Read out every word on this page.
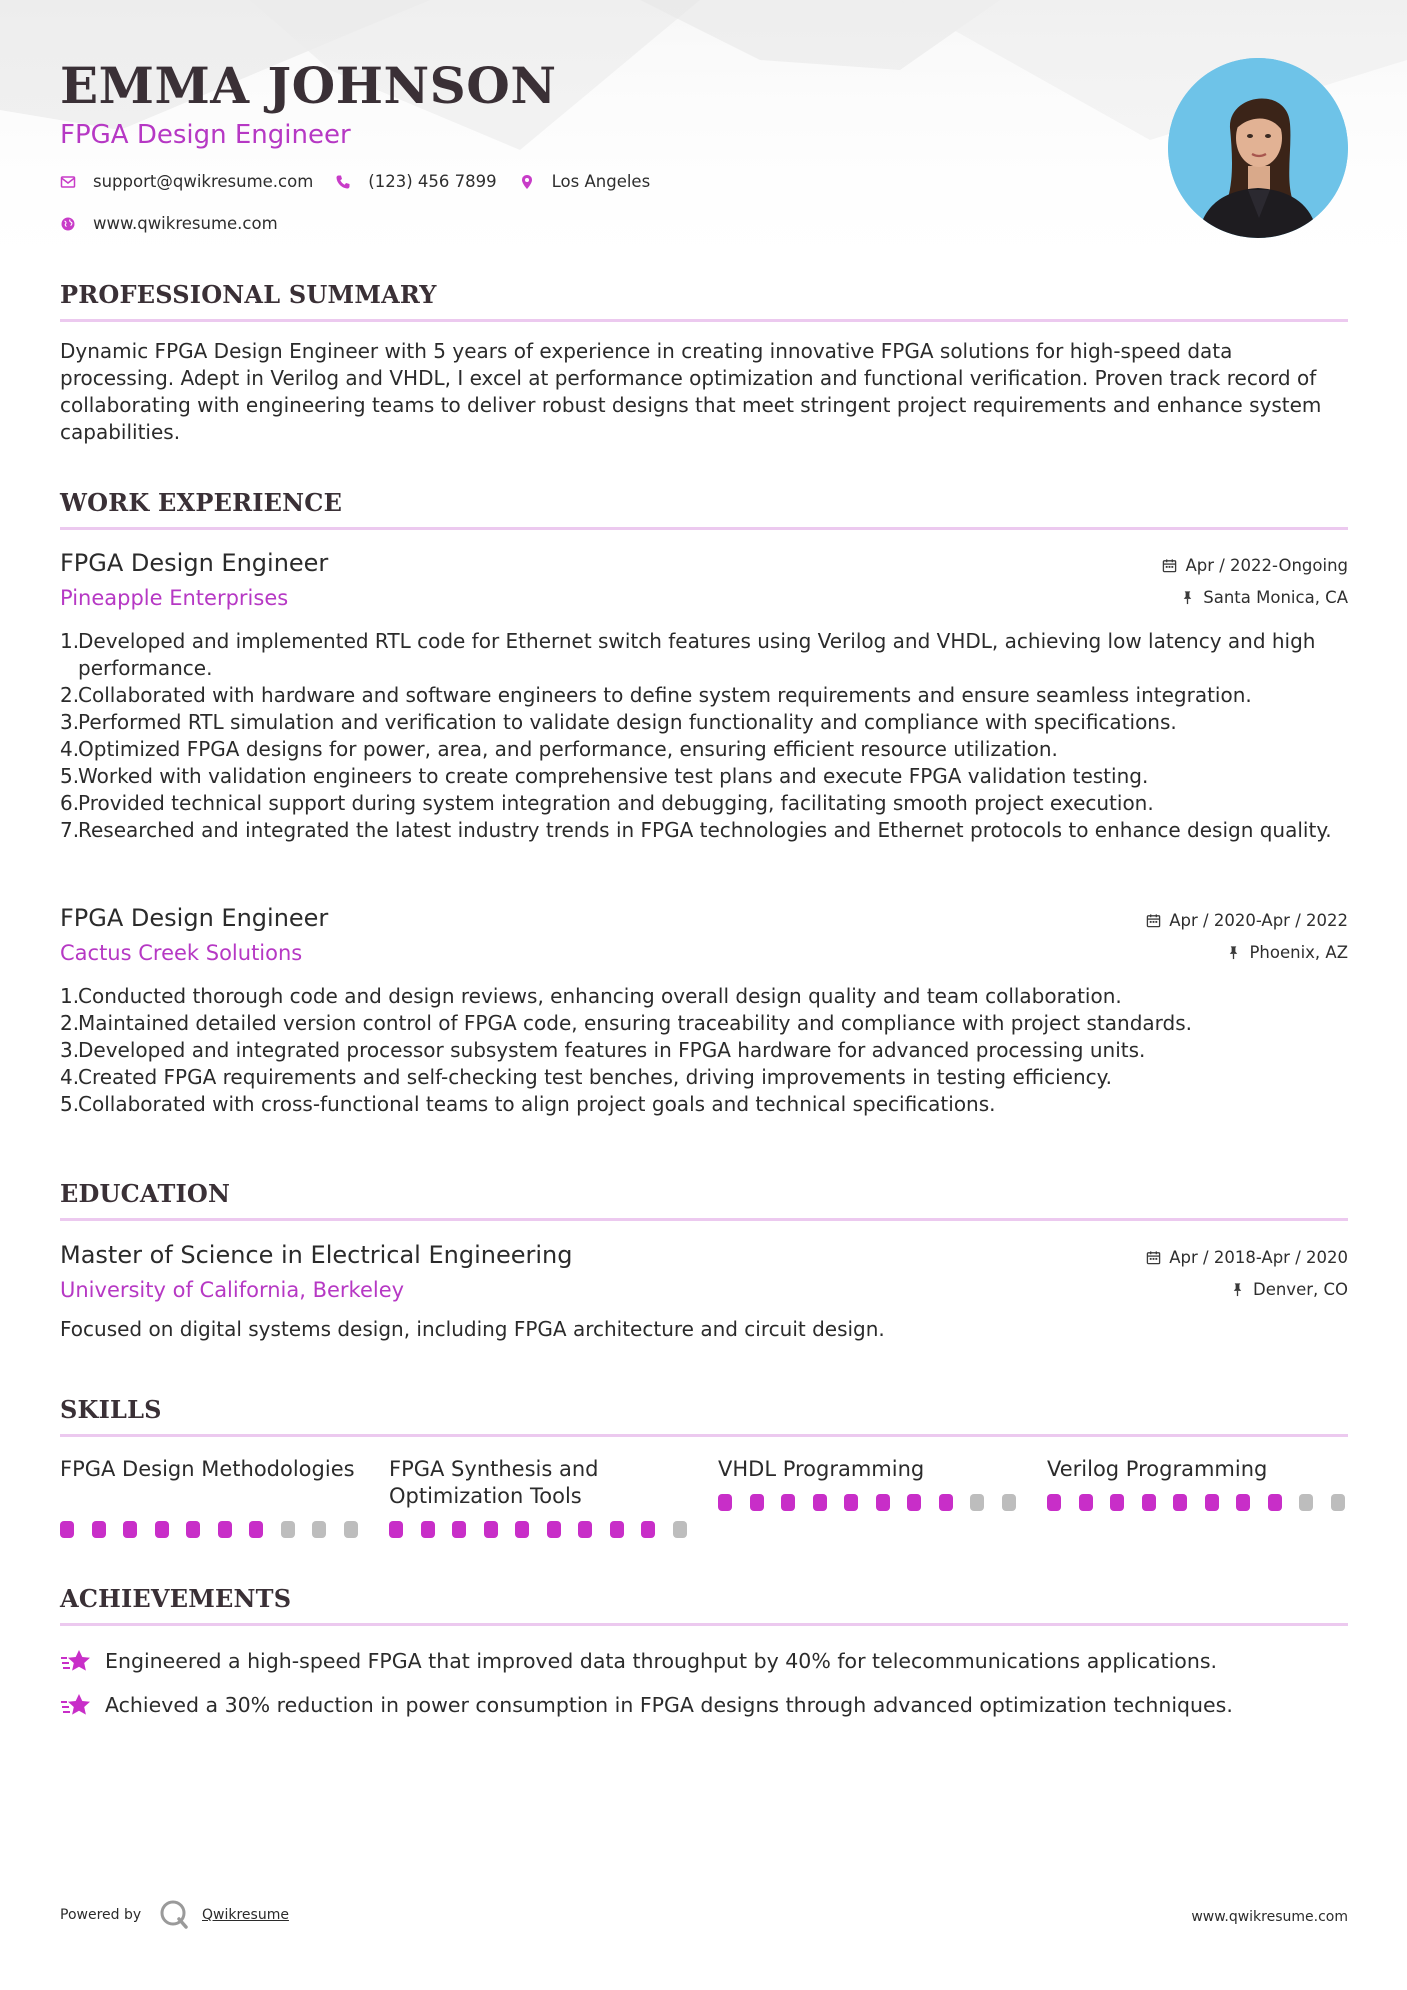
EMMA JOHNSON
FPGA Design Engineer
support@qwikresume.com	(123) 456 7899	Los Angeles
www.qwikresume.com
PROFESSIONAL SUMMARY
Dynamic FPGA Design Engineer with 5 years of experience in creating innovative FPGA solutions for high-speed data processing. Adept in Verilog and VHDL, I excel at performance optimization and functional verification. Proven track record of collaborating with engineering teams to deliver robust designs that meet stringent project requirements and enhance system capabilities.
WORK EXPERIENCE
FPGA Design Engineer
Pineapple Enterprises
Apr / 2022-Ongoing
Santa Monica, CA
1.
Developed and implemented RTL code for Ethernet switch features using Verilog and VHDL, achieving low latency and high performance.
2.
Collaborated with hardware and software engineers to define system requirements and ensure seamless integration.
3.
Performed RTL simulation and verification to validate design functionality and compliance with specifications.
4.
Optimized FPGA designs for power, area, and performance, ensuring efficient resource utilization.
5.
Worked with validation engineers to create comprehensive test plans and execute FPGA validation testing.
6.
Provided technical support during system integration and debugging, facilitating smooth project execution.
7.
Researched and integrated the latest industry trends in FPGA technologies and Ethernet protocols to enhance design quality.
FPGA Design Engineer
Cactus Creek Solutions
Apr / 2020-Apr / 2022
Phoenix, AZ
1.
Conducted thorough code and design reviews, enhancing overall design quality and team collaboration.
2.
Maintained detailed version control of FPGA code, ensuring traceability and compliance with project standards.
3.
Developed and integrated processor subsystem features in FPGA hardware for advanced processing units.
4.
Created FPGA requirements and self-checking test benches, driving improvements in testing efficiency.
5.
Collaborated with cross-functional teams to align project goals and technical specifications.
EDUCATION
Master of Science in Electrical Engineering
University of California, Berkeley
Apr / 2018-Apr / 2020
Denver, CO
Focused on digital systems design, including FPGA architecture and circuit design.
SKILLS
FPGA Design Methodologies FPGA Synthesis and Optimization Tools
VHDL Programming	Verilog Programming
ACHIEVEMENTS
Engineered a high-speed FPGA that improved data throughput by 40% for telecommunications applications.
Achieved a 30% reduction in power consumption in FPGA designs through advanced optimization techniques.
Powered by	Qwikresume	www.qwikresume.com
